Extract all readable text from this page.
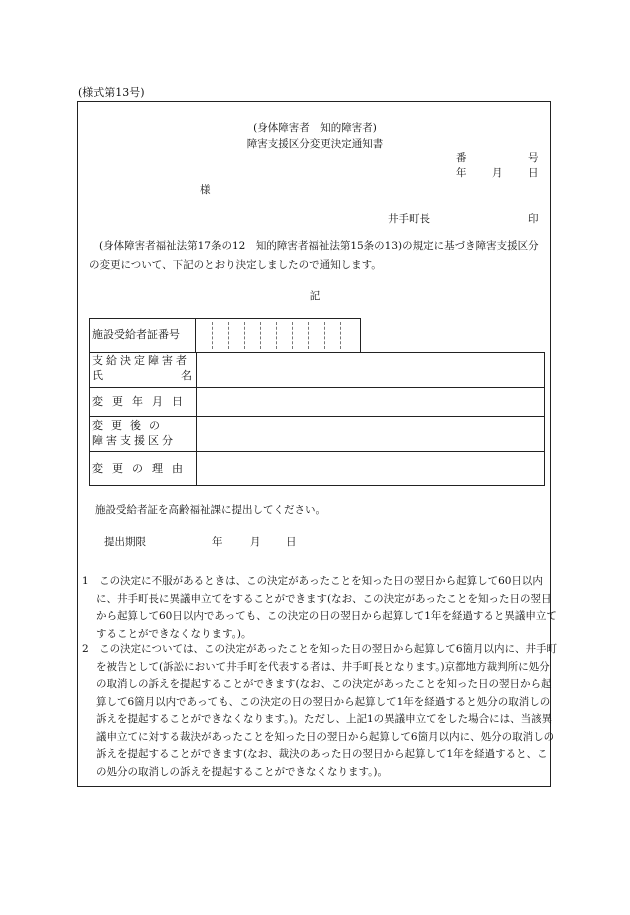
(様式第13号)
(身体障害者　知的障害者)
障害支援区分変更決定通知書
番	号
年 月 日
様
井手町長	印

(身体障害者福祉法第17条の12　知的障害者福祉法第15条の13)の規定に基づき障害支援区分の変更について、下記のとおり決定しましたので通知します。

記
施設受給者証番号
支給決定障害者
氏	名
変更年月日
変更後の
障害支援区分
変更の理由
施設受給者証を高齢福祉課に提出してください。
提出期限	年	月 日

1　この決定に不服があるときは、この決定があったことを知った日の翌日から起算して60日以内に、井手町長に異議申立てをすることができます(なお、この決定があったことを知った日の翌日から起算して60日以内であっても、この決定の日の翌日から起算して1年を経過すると異議申立てすることができなくなります。)。

2　この決定については、この決定があったことを知った日の翌日から起算して6箇月以内に、井手町を被告として(訴訟において井手町を代表する者は、井手町長となります。)京都地方裁判所に処分の取消しの訴えを提起することができます(なお、この決定があったことを知った日の翌日から起算して6箇月以内であっても、この決定の日の翌日から起算して1年を経過すると処分の取消しの訴えを提起することができなくなります。)。ただし、上記1の異議申立てをした場合には、当該異議申立てに対する裁決があったことを知った日の翌日から起算して6箇月以内に、処分の取消しの訴えを提起することができます(なお、裁決のあった日の翌日から起算して1年を経過すると、この処分の取消しの訴えを提起することができなくなります。)。
